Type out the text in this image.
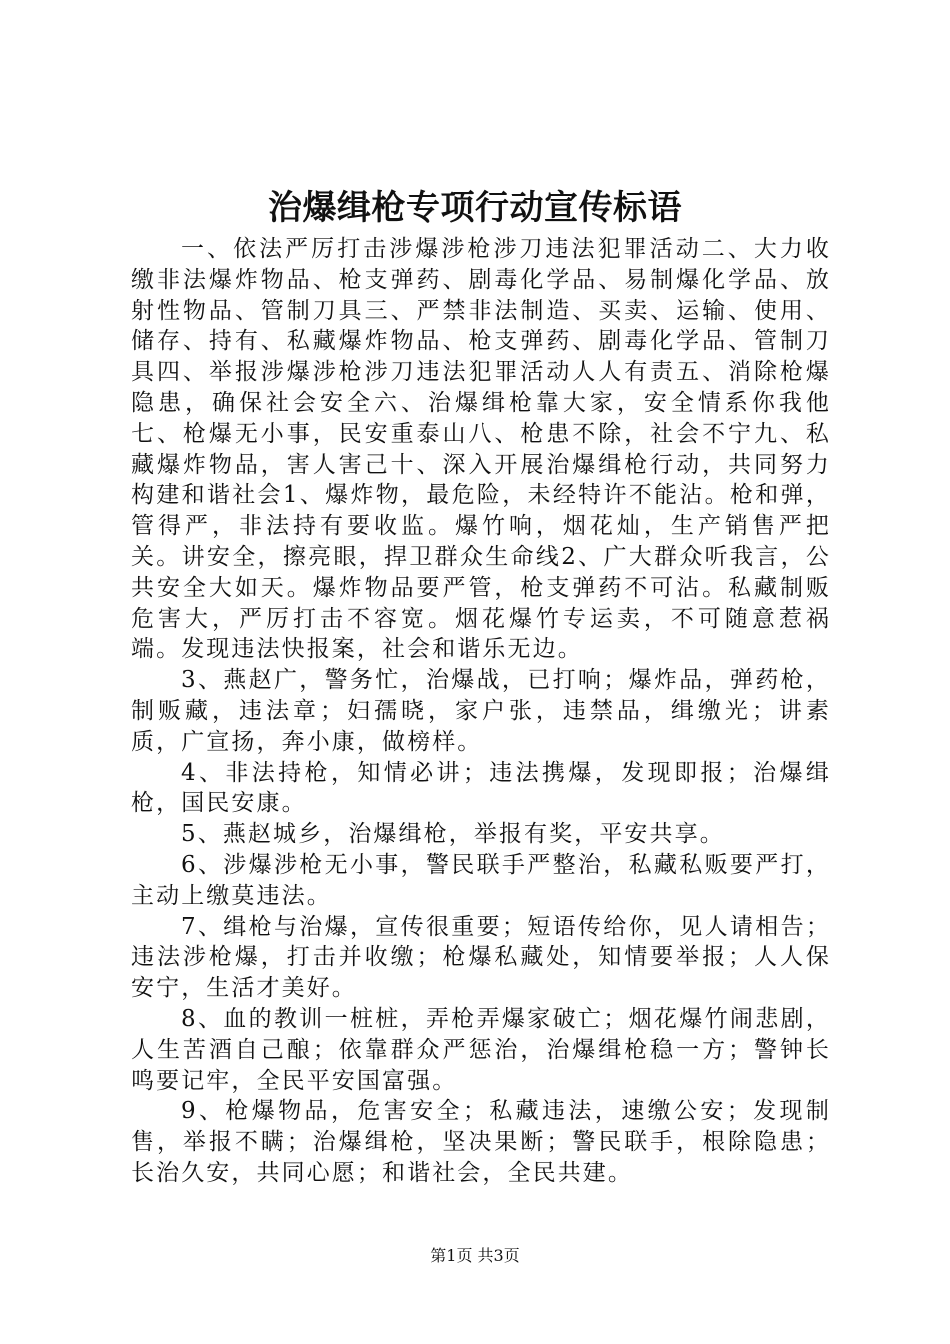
治爆缉枪专项行动宣传标语

一、依法严厉打击涉爆涉枪涉刀违法犯罪活动二、大力收缴非法爆炸物品、枪支弹药、剧毒化学品、易制爆化学品、放射性物品、管制刀具三、严禁非法制造、买卖、运输、使用、储存、持有、私藏爆炸物品、枪支弹药、剧毒化学品、管制刀具四、举报涉爆涉枪涉刀违法犯罪活动人人有责五、消除枪爆隐患，确保社会安全六、治爆缉枪靠大家，安全情系你我他七、枪爆无小事，民安重泰山八、枪患不除，社会不宁九、私藏爆炸物品，害人害己十、深入开展治爆缉枪行动，共同努力构建和谐社会1、爆炸物，最危险，未经特许不能沾。枪和弹，管得严，非法持有要收监。爆竹响，烟花灿，生产销售严把关。讲安全，擦亮眼，捍卫群众生命线2、广大群众听我言，公共安全大如天。爆炸物品要严管，枪支弹药不可沾。私藏制贩危害大，严厉打击不容宽。烟花爆竹专运卖，不可随意惹祸端。发现违法快报案，社会和谐乐无边。

3、燕赵广，警务忙，治爆战，已打响；爆炸品，弹药枪，制贩藏，违法章；妇孺晓，家户张，违禁品，缉缴光；讲素质，广宣扬，奔小康，做榜样。

4、非法持枪，知情必讲；违法携爆，发现即报；治爆缉枪，国民安康。

5、燕赵城乡，治爆缉枪，举报有奖，平安共享。

6、涉爆涉枪无小事，警民联手严整治，私藏私贩要严打，主动上缴莫违法。

7、缉枪与治爆，宣传很重要；短语传给你，见人请相告；违法涉枪爆，打击并收缴；枪爆私藏处，知情要举报；人人保安宁，生活才美好。

8、血的教训一桩桩，弄枪弄爆家破亡；烟花爆竹闹悲剧，人生苦酒自己酿；依靠群众严惩治，治爆缉枪稳一方；警钟长鸣要记牢，全民平安国富强。

9、枪爆物品，危害安全；私藏违法，速缴公安；发现制售，举报不瞒；治爆缉枪，坚决果断；警民联手，根除隐患；长治久安，共同心愿；和谐社会，全民共建。

第1页 共3页
